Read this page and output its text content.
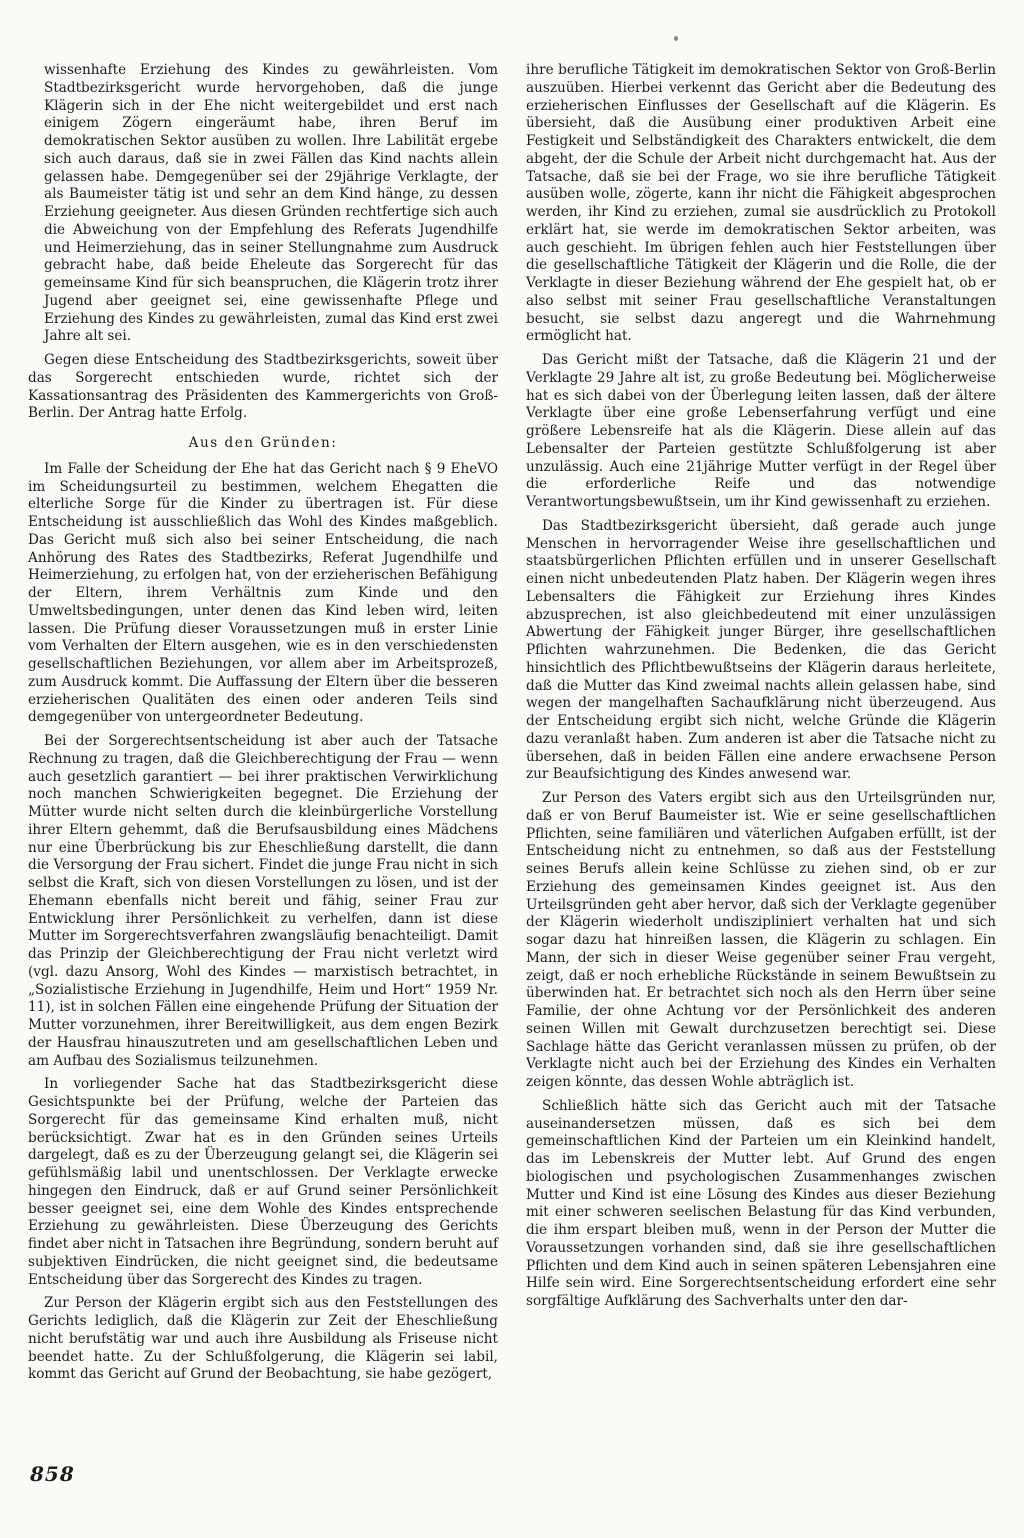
wissenhafte Erziehung des Kindes zu gewährleisten. Vom Stadtbezirksgericht wurde hervorgehoben, daß die junge Klägerin sich in der Ehe nicht weitergebildet und erst nach einigem Zögern eingeräumt habe, ihren Beruf im demokratischen Sektor ausüben zu wollen. Ihre Labilität ergebe sich auch daraus, daß sie in zwei Fällen das Kind nachts allein gelassen habe. Demgegenüber sei der 29jährige Verklagte, der als Baumeister tätig ist und sehr an dem Kind hänge, zu dessen Erziehung geeigneter. Aus diesen Gründen rechtfertige sich auch die Abweichung von der Empfehlung des Referats Jugendhilfe und Heimerziehung, das in seiner Stellungnahme zum Ausdruck gebracht habe, daß beide Eheleute das Sorgerecht für das gemeinsame Kind für sich beanspruchen, die Klägerin trotz ihrer Jugend aber geeignet sei, eine gewissenhafte Pflege und Erziehung des Kindes zu gewährleisten, zumal das Kind erst zwei Jahre alt sei.

Gegen diese Entscheidung des Stadtbezirksgerichts, soweit über das Sorgerecht entschieden wurde, richtet sich der Kassationsantrag des Präsidenten des Kammergerichts von Groß-Berlin. Der Antrag hatte Erfolg.

Aus den Gründen:

Im Falle der Scheidung der Ehe hat das Gericht nach § 9 EheVO im Scheidungsurteil zu bestimmen, welchem Ehegatten die elterliche Sorge für die Kinder zu übertragen ist. Für diese Entscheidung ist ausschließlich das Wohl des Kindes maßgeblich. Das Gericht muß sich also bei seiner Entscheidung, die nach Anhörung des Rates des Stadtbezirks, Referat Jugendhilfe und Heimerziehung, zu erfolgen hat, von der erzieherischen Befähigung der Eltern, ihrem Verhältnis zum Kinde und den Umweltsbedingungen, unter denen das Kind leben wird, leiten lassen. Die Prüfung dieser Voraussetzungen muß in erster Linie vom Verhalten der Eltern ausgehen, wie es in den verschiedensten gesellschaftlichen Beziehungen, vor allem aber im Arbeitsprozeß, zum Ausdruck kommt. Die Auffassung der Eltern über die besseren erzieherischen Qualitäten des einen oder anderen Teils sind demgegenüber von untergeordneter Bedeutung.

Bei der Sorgerechtsentscheidung ist aber auch der Tatsache Rechnung zu tragen, daß die Gleichberechtigung der Frau — wenn auch gesetzlich garantiert — bei ihrer praktischen Verwirklichung noch manchen Schwierigkeiten begegnet. Die Erziehung der Mütter wurde nicht selten durch die kleinbürgerliche Vorstellung ihrer Eltern gehemmt, daß die Berufsausbildung eines Mädchens nur eine Überbrückung bis zur Eheschließung darstellt, die dann die Versorgung der Frau sichert. Findet die junge Frau nicht in sich selbst die Kraft, sich von diesen Vorstellungen zu lösen, und ist der Ehemann ebenfalls nicht bereit und fähig, seiner Frau zur Entwicklung ihrer Persönlichkeit zu verhelfen, dann ist diese Mutter im Sorgerechtsverfahren zwangsläufig benachteiligt. Damit das Prinzip der Gleichberechtigung der Frau nicht verletzt wird (vgl. dazu Ansorg, Wohl des Kindes — marxistisch betrachtet, in „Sozialistische Erziehung in Jugendhilfe, Heim und Hort“ 1959 Nr. 11), ist in solchen Fällen eine eingehende Prüfung der Situation der Mutter vorzunehmen, ihrer Bereitwilligkeit, aus dem engen Bezirk der Hausfrau hinauszutreten und am gesellschaftlichen Leben und am Aufbau des Sozialismus teilzunehmen.

In vorliegender Sache hat das Stadtbezirksgericht diese Gesichtspunkte bei der Prüfung, welche der Parteien das Sorgerecht für das gemeinsame Kind erhalten muß, nicht berücksichtigt. Zwar hat es in den Gründen seines Urteils dargelegt, daß es zu der Überzeugung gelangt sei, die Klägerin sei gefühlsmäßig labil und unentschlossen. Der Verklagte erwecke hingegen den Eindruck, daß er auf Grund seiner Persönlichkeit besser geeignet sei, eine dem Wohle des Kindes entsprechende Erziehung zu gewährleisten. Diese Überzeugung des Gerichts findet aber nicht in Tatsachen ihre Begründung, sondern beruht auf subjektiven Eindrücken, die nicht geeignet sind, die bedeutsame Entscheidung über das Sorgerecht des Kindes zu tragen.

Zur Person der Klägerin ergibt sich aus den Feststellungen des Gerichts lediglich, daß die Klägerin zur Zeit der Eheschließung nicht berufstätig war und auch ihre Ausbildung als Friseuse nicht beendet hatte. Zu der Schlußfolgerung, die Klägerin sei labil, kommt das Gericht auf Grund der Beobachtung, sie habe gezögert,

ihre berufliche Tätigkeit im demokratischen Sektor von Groß-Berlin auszuüben. Hierbei verkennt das Gericht aber die Bedeutung des erzieherischen Einflusses der Gesellschaft auf die Klägerin. Es übersieht, daß die Ausübung einer produktiven Arbeit eine Festigkeit und Selbständigkeit des Charakters entwickelt, die dem abgeht, der die Schule der Arbeit nicht durchgemacht hat. Aus der Tatsache, daß sie bei der Frage, wo sie ihre berufliche Tätigkeit ausüben wolle, zögerte, kann ihr nicht die Fähigkeit abgesprochen werden, ihr Kind zu erziehen, zumal sie ausdrücklich zu Protokoll erklärt hat, sie werde im demokratischen Sektor arbeiten, was auch geschieht. Im übrigen fehlen auch hier Feststellungen über die gesellschaftliche Tätigkeit der Klägerin und die Rolle, die der Verklagte in dieser Beziehung während der Ehe gespielt hat, ob er also selbst mit seiner Frau gesellschaftliche Veranstaltungen besucht, sie selbst dazu angeregt und die Wahrnehmung ermöglicht hat.

Das Gericht mißt der Tatsache, daß die Klägerin 21 und der Verklagte 29 Jahre alt ist, zu große Bedeutung bei. Möglicherweise hat es sich dabei von der Überlegung leiten lassen, daß der ältere Verklagte über eine große Lebenserfahrung verfügt und eine größere Lebensreife hat als die Klägerin. Diese allein auf das Lebensalter der Parteien gestützte Schlußfolgerung ist aber unzulässig. Auch eine 21jährige Mutter verfügt in der Regel über die erforderliche Reife und das notwendige Verantwortungsbewußtsein, um ihr Kind gewissenhaft zu erziehen.

Das Stadtbezirksgericht übersieht, daß gerade auch junge Menschen in hervorragender Weise ihre gesellschaftlichen und staatsbürgerlichen Pflichten erfüllen und in unserer Gesellschaft einen nicht unbedeutenden Platz haben. Der Klägerin wegen ihres Lebensalters die Fähigkeit zur Erziehung ihres Kindes abzusprechen, ist also gleichbedeutend mit einer unzulässigen Abwertung der Fähigkeit junger Bürger, ihre gesellschaftlichen Pflichten wahrzunehmen. Die Bedenken, die das Gericht hinsichtlich des Pflichtbewußtseins der Klägerin daraus herleitete, daß die Mutter das Kind zweimal nachts allein gelassen habe, sind wegen der mangelhaften Sachaufklärung nicht überzeugend. Aus der Entscheidung ergibt sich nicht, welche Gründe die Klägerin dazu veranlaßt haben. Zum anderen ist aber die Tatsache nicht zu übersehen, daß in beiden Fällen eine andere erwachsene Person zur Beaufsichtigung des Kindes anwesend war.

Zur Person des Vaters ergibt sich aus den Urteilsgründen nur, daß er von Beruf Baumeister ist. Wie er seine gesellschaftlichen Pflichten, seine familiären und väterlichen Aufgaben erfüllt, ist der Entscheidung nicht zu entnehmen, so daß aus der Feststellung seines Berufs allein keine Schlüsse zu ziehen sind, ob er zur Erziehung des gemeinsamen Kindes geeignet ist. Aus den Urteilsgründen geht aber hervor, daß sich der Verklagte gegenüber der Klägerin wiederholt undiszipliniert verhalten hat und sich sogar dazu hat hinreißen lassen, die Klägerin zu schlagen. Ein Mann, der sich in dieser Weise gegenüber seiner Frau vergeht, zeigt, daß er noch erhebliche Rückstände in seinem Bewußtsein zu überwinden hat. Er betrachtet sich noch als den Herrn über seine Familie, der ohne Achtung vor der Persönlichkeit des anderen seinen Willen mit Gewalt durchzusetzen berechtigt sei. Diese Sachlage hätte das Gericht veranlassen müssen zu prüfen, ob der Verklagte nicht auch bei der Erziehung des Kindes ein Verhalten zeigen könnte, das dessen Wohle abträglich ist.

Schließlich hätte sich das Gericht auch mit der Tatsache auseinandersetzen müssen, daß es sich bei dem gemeinschaftlichen Kind der Parteien um ein Kleinkind handelt, das im Lebenskreis der Mutter lebt. Auf Grund des engen biologischen und psychologischen Zusammenhanges zwischen Mutter und Kind ist eine Lösung des Kindes aus dieser Beziehung mit einer schweren seelischen Belastung für das Kind verbunden, die ihm erspart bleiben muß, wenn in der Person der Mutter die Voraussetzungen vorhanden sind, daß sie ihre gesellschaftlichen Pflichten und dem Kind auch in seinen späteren Lebensjahren eine Hilfe sein wird. Eine Sorgerechtsentscheidung erfordert eine sehr sorgfältige Aufklärung des Sachverhalts unter den dar-

858
